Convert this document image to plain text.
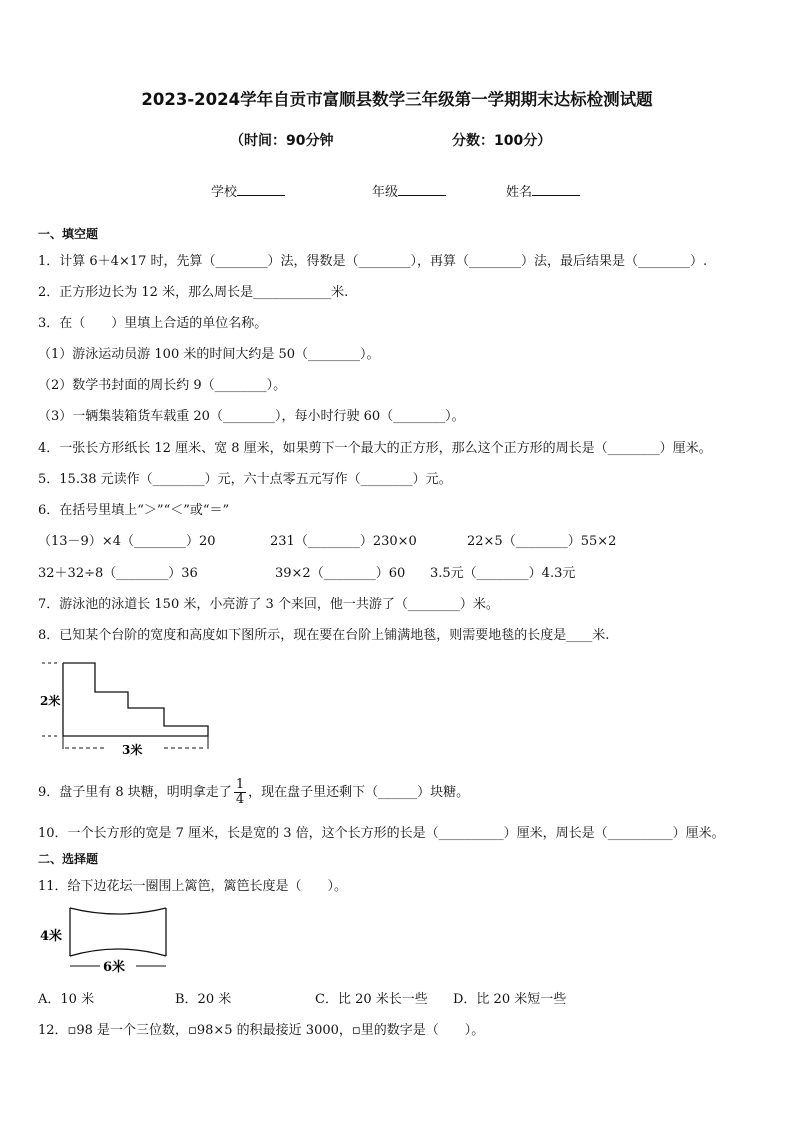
2023-2024学年自贡市富顺县数学三年级第一学期期末达标检测试题
（时间：90分钟	分数：100分）
学校	年级	姓名
一、填空题
1．计算 6＋4×17 时，先算（________）法，得数是（________），再算（________）法，最后结果是（________）.
2．正方形边长为 12 米，那么周长是____________米.
3．在（　　）里填上合适的单位名称。
（1）游泳运动员游 100 米的时间大约是 50（________）。
（2）数学书封面的周长约 9（________）。
（3）一辆集装箱货车载重 20（________），每小时行驶 60（________）。
4．一张长方形纸长 12 厘米、宽 8 厘米，如果剪下一个最大的正方形，那么这个正方形的周长是（________）厘米。
5．15.38 元读作（________）元，六十点零五元写作（________）元。
6．在括号里填上“＞”“＜”或“＝”
（13－9）×4（________）20	231（________）230×0	22×5（________）55×2
32＋32÷8（________）36	39×2（________）60 3.5元（________）4.3元
7．游泳池的泳道长 150 米，小亮游了 3 个来回，他一共游了（________）米。
8．已知某个台阶的宽度和高度如下图所示，现在要在台阶上铺满地毯，则需要地毯的长度是____米.
2米
3米
9．盘子里有 8 块糖，明明拿走了 $\frac{1}{4}$ ，现在盘子里还剩下（______）块糖。
10．一个长方形的宽是 7 厘米，长是宽的 3 倍，这个长方形的长是（__________）厘米，周长是（__________）厘米。
二、选择题
11．给下边花坛一圈围上篱笆，篱笆长度是（　　）。
4米
6米
A．10 米	B．20 米	C．比 20 米长一些 D．比 20 米短一些
12．▫98 是一个三位数，▫98×5 的积最接近 3000，▫里的数字是（　　）。
